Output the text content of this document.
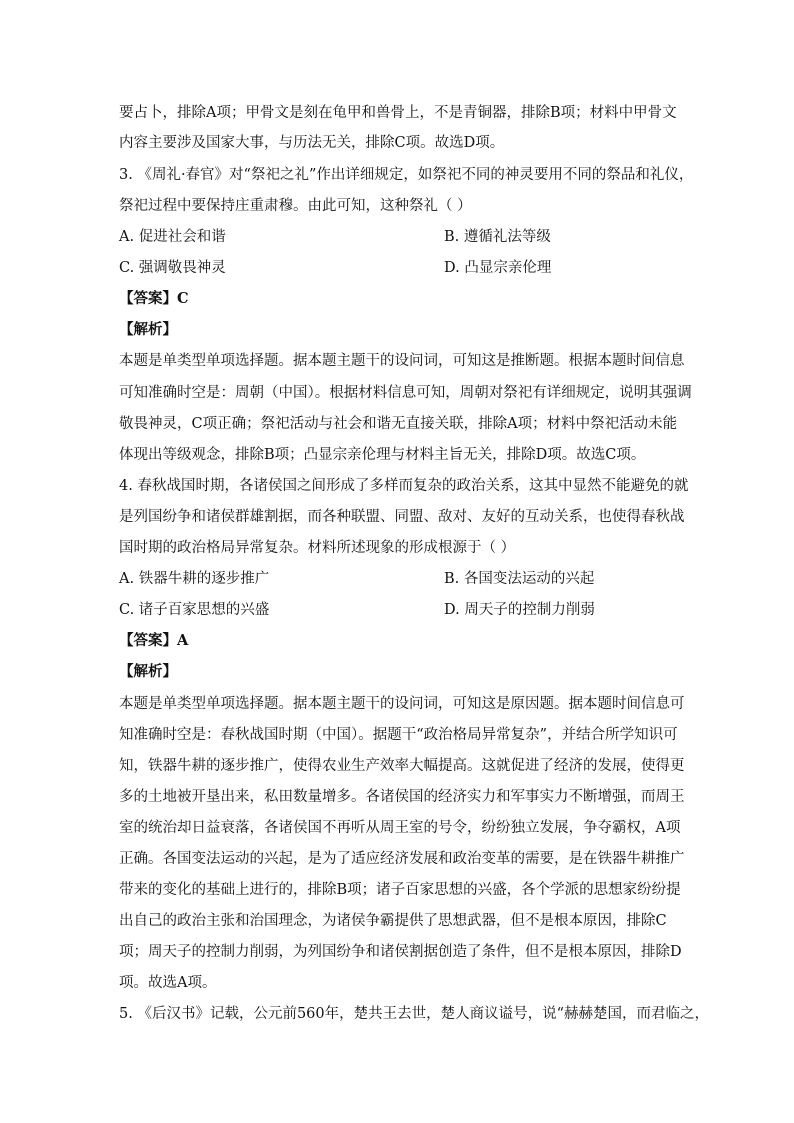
要占卜，排除A项；甲骨文是刻在龟甲和兽骨上，不是青铜器，排除B项；材料中甲骨文
内容主要涉及国家大事，与历法无关，排除C项。故选D项。
3. 《周礼·春官》对“祭祀之礼”作出详细规定，如祭祀不同的神灵要用不同的祭品和礼仪，
祭祀过程中要保持庄重肃穆。由此可知，这种祭礼（ ）
A. 促进社会和谐	B. 遵循礼法等级
C. 强调敬畏神灵	D. 凸显宗亲伦理
【答案】C
【解析】
本题是单类型单项选择题。据本题主题干的设问词，可知这是推断题。根据本题时间信息
可知准确时空是：周朝（中国）。根据材料信息可知，周朝对祭祀有详细规定，说明其强调
敬畏神灵，C项正确；祭祀活动与社会和谐无直接关联，排除A项；材料中祭祀活动未能
体现出等级观念，排除B项；凸显宗亲伦理与材料主旨无关，排除D项。故选C项。
4. 春秋战国时期，各诸侯国之间形成了多样而复杂的政治关系，这其中显然不能避免的就
是列国纷争和诸侯群雄割据，而各种联盟、同盟、敌对、友好的互动关系，也使得春秋战
国时期的政治格局异常复杂。材料所述现象的形成根源于（ ）
A. 铁器牛耕的逐步推广	B. 各国变法运动的兴起
C. 诸子百家思想的兴盛	D. 周天子的控制力削弱
【答案】A
【解析】
本题是单类型单项选择题。据本题主题干的设问词，可知这是原因题。据本题时间信息可
知准确时空是：春秋战国时期（中国）。据题干“政治格局异常复杂”，并结合所学知识可
知，铁器牛耕的逐步推广，使得农业生产效率大幅提高。这就促进了经济的发展，使得更
多的土地被开垦出来，私田数量增多。各诸侯国的经济实力和军事实力不断增强，而周王
室的统治却日益衰落，各诸侯国不再听从周王室的号令，纷纷独立发展，争夺霸权，A项
正确。各国变法运动的兴起，是为了适应经济发展和政治变革的需要，是在铁器牛耕推广
带来的变化的基础上进行的，排除B项；诸子百家思想的兴盛，各个学派的思想家纷纷提
出自己的政治主张和治国理念，为诸侯争霸提供了思想武器，但不是根本原因，排除C
项；周天子的控制力削弱，为列国纷争和诸侯割据创造了条件，但不是根本原因，排除D
项。故选A项。
5. 《后汉书》记载，公元前560年，楚共王去世，楚人商议谥号，说“赫赫楚国，而君临之，
